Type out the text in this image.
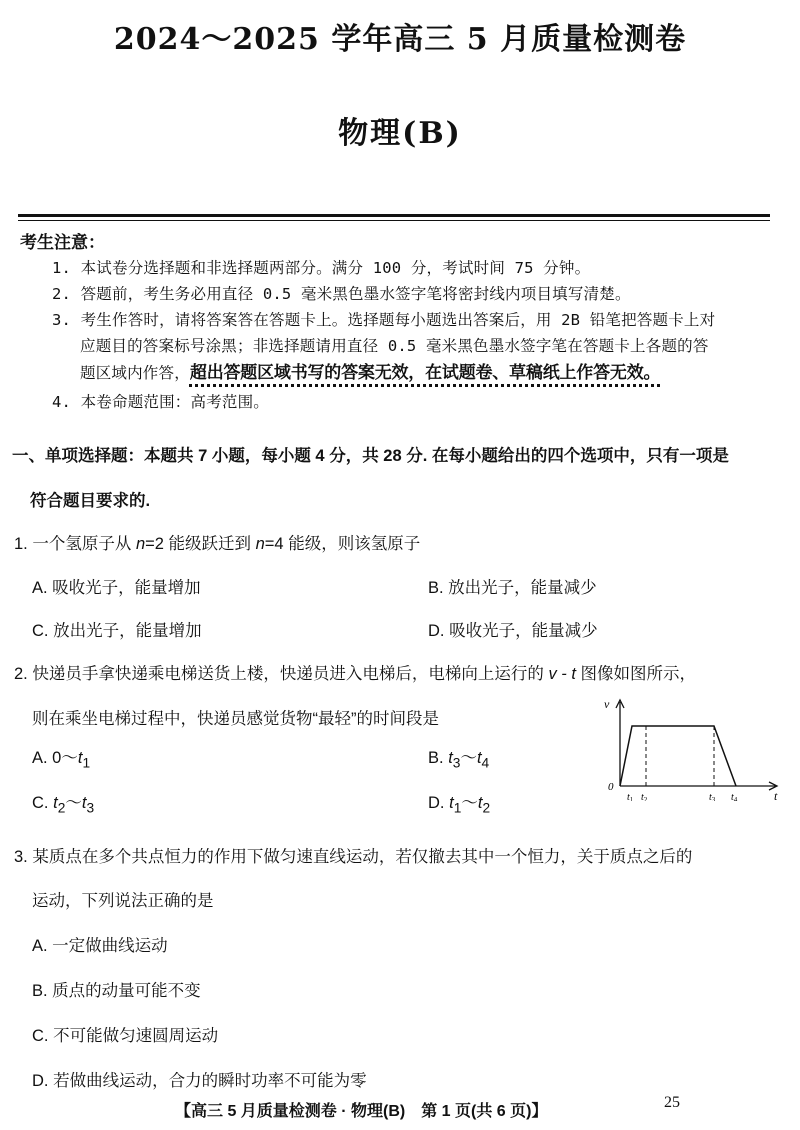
2024～2025 学年高三 5 月质量检测卷
物理(B)
考生注意：
1. 本试卷分选择题和非选择题两部分。满分 100 分，考试时间 75 分钟。
2. 答题前，考生务必用直径 0.5 毫米黑色墨水签字笔将密封线内项目填写清楚。
3. 考生作答时，请将答案答在答题卡上。选择题每小题选出答案后，用 2B 铅笔把答题卡上对
应题目的答案标号涂黑；非选择题请用直径 0.5 毫米黑色墨水签字笔在答题卡上各题的答
题区域内作答，超出答题区域书写的答案无效，在试题卷、草稿纸上作答无效。
4. 本卷命题范围：高考范围。
一、单项选择题：本题共 7 小题，每小题 4 分，共 28 分. 在每小题给出的四个选项中，只有一项是
符合题目要求的.
1. 一个氢原子从 n=2 能级跃迁到 n=4 能级，则该氢原子
A. 吸收光子，能量增加	B. 放出光子，能量减少
C. 放出光子，能量增加	D. 吸收光子，能量减少
2. 快递员手拿快递乘电梯送货上楼，快递员进入电梯后，电梯向上运行的 v - t 图像如图所示，
则在乘坐电梯过程中，快递员感觉货物“最轻”的时间段是
A. $0\sim t_1$	B. $t_3\sim t_4$
C. $t_2\sim t_3$	D. $t_1\sim t_2$
v
t
0
$t_1$ $t_2$	$t_3$ $t_4$
3. 某质点在多个共点恒力的作用下做匀速直线运动，若仅撤去其中一个恒力，关于质点之后的
运动，下列说法正确的是
A. 一定做曲线运动
B. 质点的动量可能不变
C. 不可能做匀速圆周运动
D. 若做曲线运动，合力的瞬时功率不可能为零
【高三 5 月质量检测卷 · 物理(B)　第 1 页(共 6 页)】
25
